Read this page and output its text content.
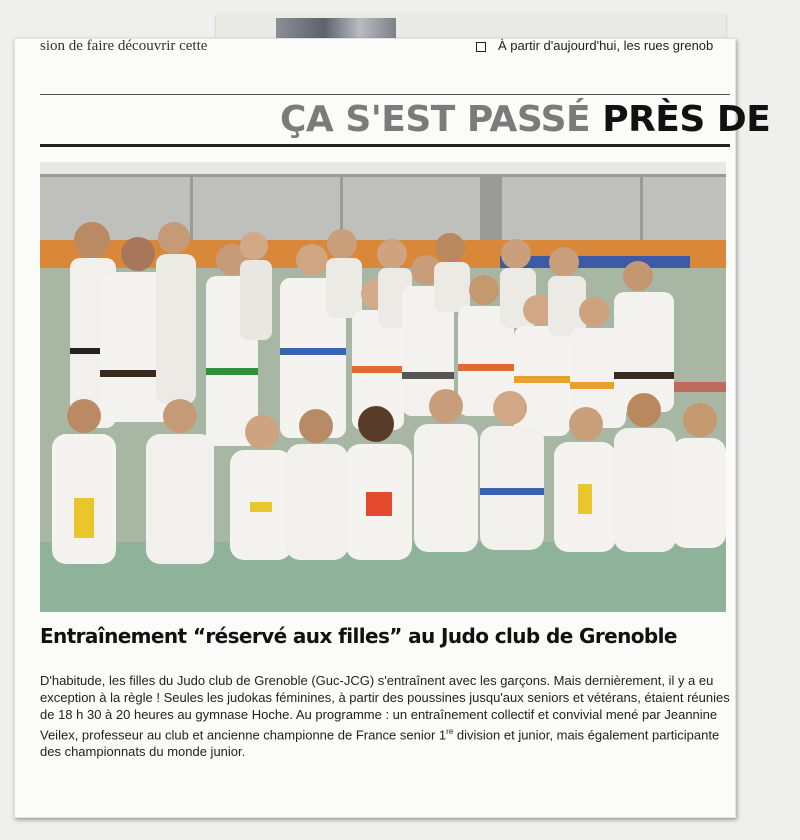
sion de faire découvrir cette	À partir d'aujourd'hui, les rues grenob
ÇA S'EST PASSÉ PRÈS DE
Entraînement “réservé aux filles” au Judo club de Grenoble

D'habitude, les filles du Judo club de Grenoble (Guc-JCG) s'entraînent avec les garçons. Mais dernièrement, il y a eu exception à la règle ! Seules les judokas féminines, à partir des poussines jusqu'aux seniors et vétérans, étaient réunies de 18 h 30 à 20 heures au gymnase Hoche. Au programme : un entraînement collectif et convivial mené par Jeannine Veilex, professeur au club et ancienne championne de France senior 1re division et junior, mais également participante des championnats du monde junior.
